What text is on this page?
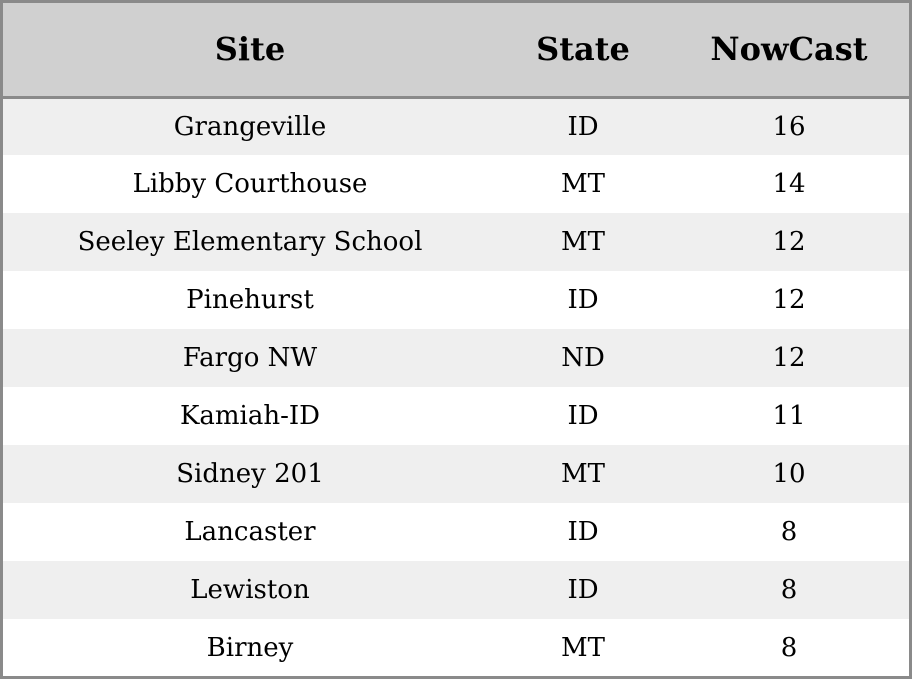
Site	State	NowCast
Grangeville	ID	16
Libby Courthouse	MT	14
Seeley Elementary School	MT	12
Pinehurst	ID	12
Fargo NW	ND	12
Kamiah-ID	ID	11
Sidney 201	MT	10
Lancaster	ID	8
Lewiston	ID	8
Birney	MT	8
